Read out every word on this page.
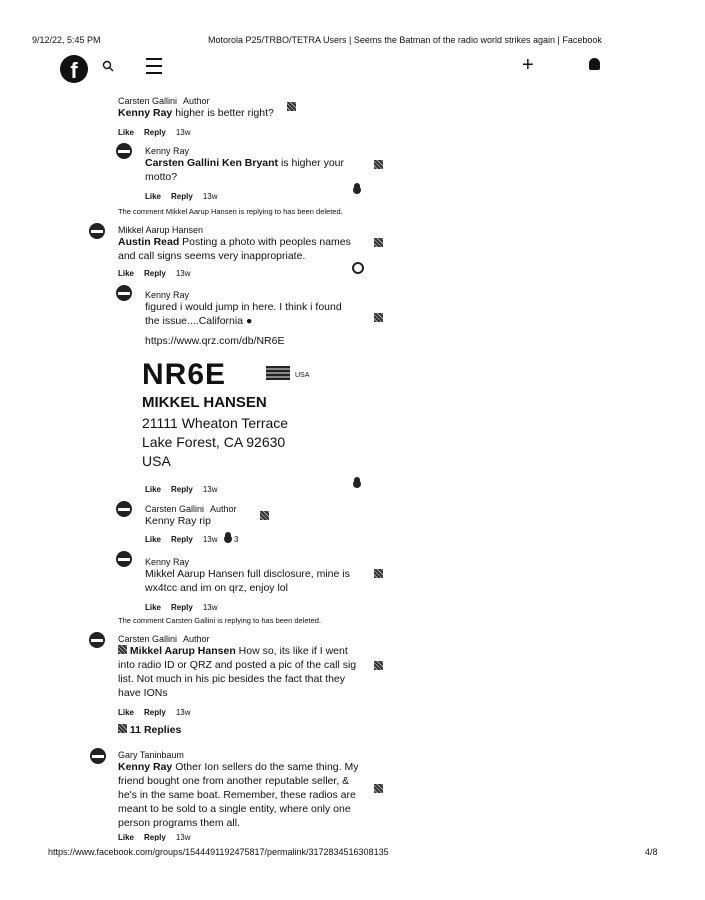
9/12/22, 5:45 PM	Motorola P25/TRBO/TETRA Users | Seems the Batman of the radio world strikes again | Facebook
f	+
Carsten Gallini Author
Kenny Ray higher is better right?
Like Reply 13w
Kenny Ray
Carsten Gallini Ken Bryant is higher your
motto?
Like Reply 13w
The comment Mikkel Aarup Hansen is replying to has been deleted.
Mikkel Aarup Hansen
Austin Read Posting a photo with peoples names
and call signs seems very inappropriate.
Like Reply 13w
Kenny Ray
figured i would jump in here. I think i found
the issue....California ●
https://www.qrz.com/db/NR6E
NR6E	USA
MIKKEL HANSEN
21111 Wheaton Terrace
Lake Forest, CA 92630
USA
Like Reply 13w
Carsten Gallini Author
Kenny Ray rip
Like Reply 13w 3
Kenny Ray
Mikkel Aarup Hansen full disclosure, mine is
wx4tcc and im on qrz, enjoy lol
Like Reply 13w
The comment Carsten Gallini is replying to has been deleted.
Carsten Gallini Author
Mikkel Aarup Hansen How so, its like if I went
into radio ID or QRZ and posted a pic of the call sig
list. Not much in his pic besides the fact that they
have IONs
Like Reply 13w
11 Replies
Gary Taninbaum
Kenny Ray Other Ion sellers do the same thing. My
friend bought one from another reputable seller, &
he's in the same boat. Remember, these radios are
meant to be sold to a single entity, where only one
person programs them all.
Like Reply 13w
https://www.facebook.com/groups/1544491192475817/permalink/3172834516308135	4/8
